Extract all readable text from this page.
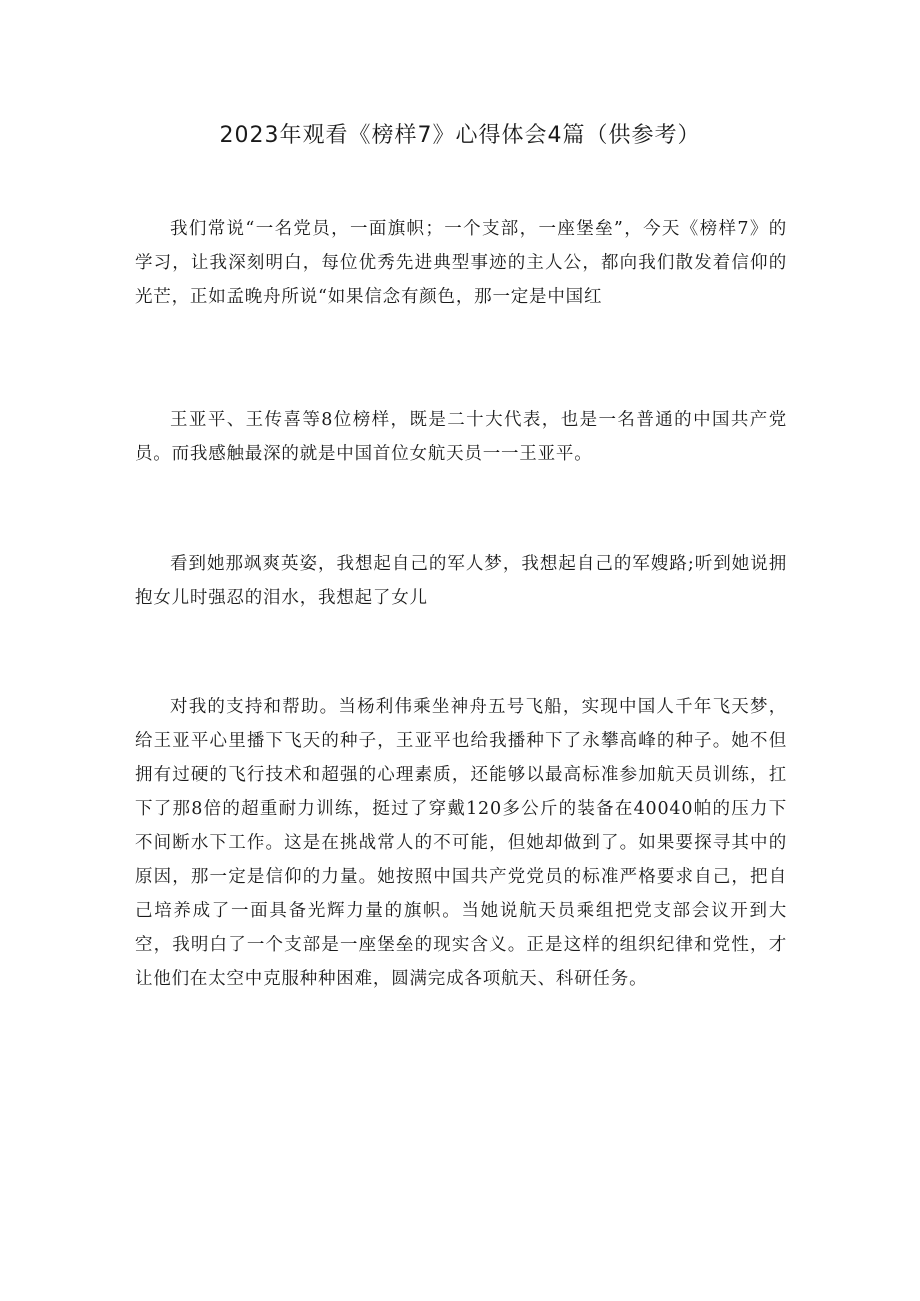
2023年观看《榜样7》心得体会4篇（供参考）

我们常说“一名党员，一面旗帜；一个支部，一座堡垒”，今天《榜样7》的学习，让我深刻明白，每位优秀先进典型事迹的主人公，都向我们散发着信仰的光芒，正如孟晚舟所说“如果信念有颜色，那一定是中国红

王亚平、王传喜等8位榜样，既是二十大代表，也是一名普通的中国共产党员。而我感触最深的就是中国首位女航天员一一王亚平。

看到她那飒爽英姿，我想起自己的军人梦，我想起自己的军嫂路;听到她说拥抱女儿时强忍的泪水，我想起了女儿

对我的支持和帮助。当杨利伟乘坐神舟五号飞船，实现中国人千年飞天梦，给王亚平心里播下飞天的种子，王亚平也给我播种下了永攀高峰的种子。她不但拥有过硬的飞行技术和超强的心理素质，还能够以最高标准参加航天员训练，扛下了那8倍的超重耐力训练，挺过了穿戴120多公斤的装备在40040帕的压力下不间断水下工作。这是在挑战常人的不可能，但她却做到了。如果要探寻其中的原因，那一定是信仰的力量。她按照中国共产党党员的标准严格要求自己，把自己培养成了一面具备光辉力量的旗帜。当她说航天员乘组把党支部会议开到大空，我明白了一个支部是一座堡垒的现实含义。正是这样的组织纪律和党性，才让他们在太空中克服种种困难，圆满完成各项航天、科研任务。
